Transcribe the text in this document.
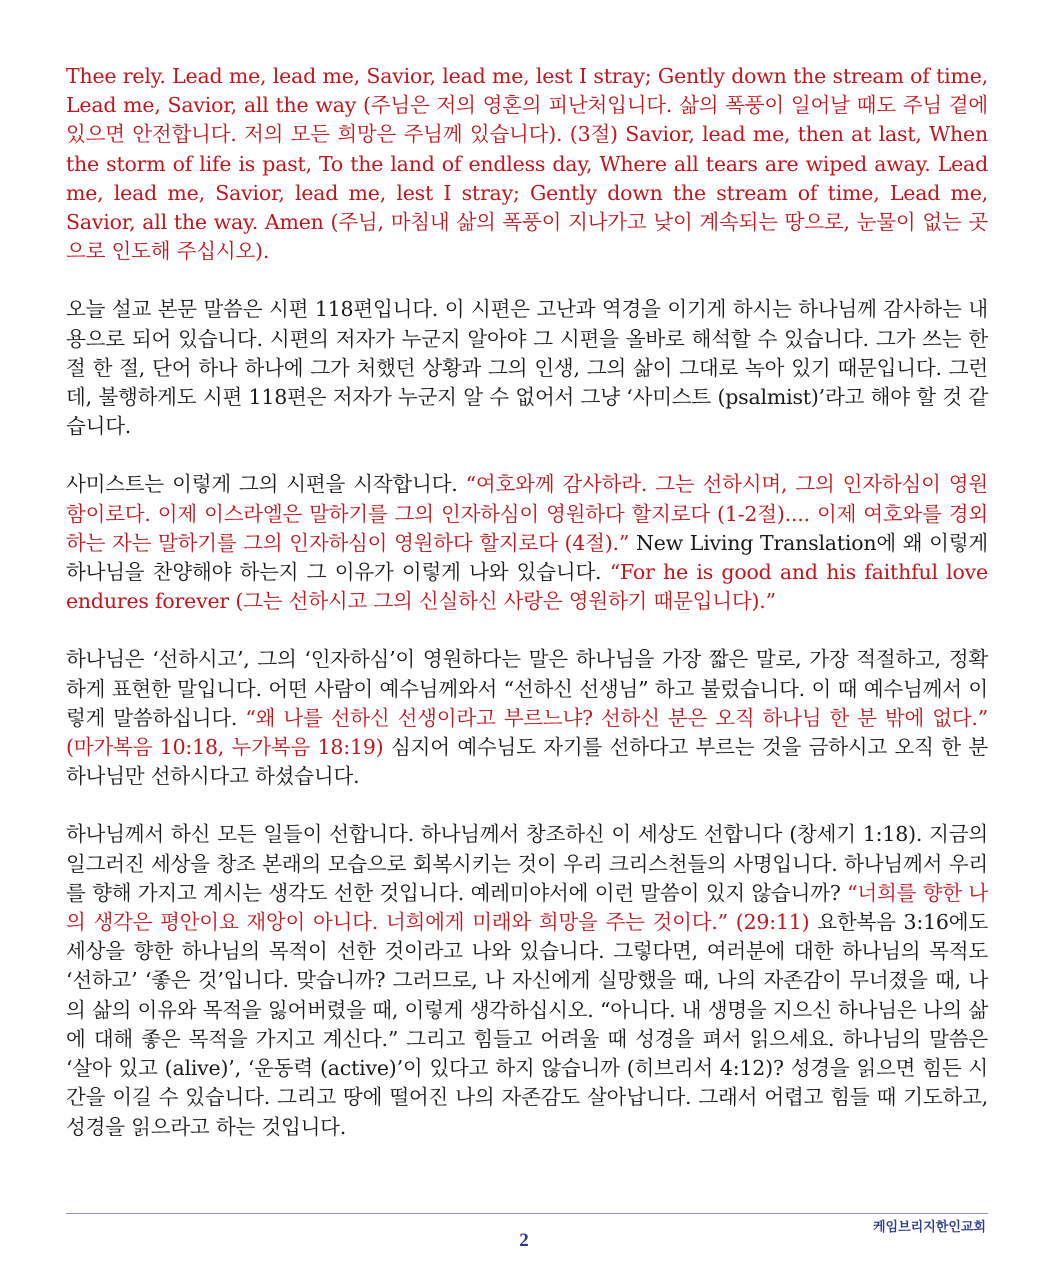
Thee rely. Lead me, lead me, Savior, lead me, lest I stray; Gently down the stream of time, Lead me, Savior, all the way (주님은 저의 영혼의 피난처입니다. 삶의 폭풍이 일어날 때도 주님 곁에 있으면 안전합니다. 저의 모든 희망은 주님께 있습니다). (3절) Savior, lead me, then at last, When the storm of life is past, To the land of endless day, Where all tears are wiped away. Lead me, lead me, Savior, lead me, lest I stray; Gently down the stream of time, Lead me, Savior, all the way. Amen (주님, 마침내 삶의 폭풍이 지나가고 낮이 계속되는 땅으로, 눈물이 없는 곳으로 인도해 주십시오).

오늘 설교 본문 말씀은 시편 118편입니다. 이 시편은 고난과 역경을 이기게 하시는 하나님께 감사하는 내용으로 되어 있습니다. 시편의 저자가 누군지 알아야 그 시편을 올바로 해석할 수 있습니다. 그가 쓰는 한 절 한 절, 단어 하나 하나에 그가 처했던 상황과 그의 인생, 그의 삶이 그대로 녹아 있기 때문입니다. 그런데, 불행하게도 시편 118편은 저자가 누군지 알 수 없어서 그냥 ‘사미스트 (psalmist)’라고 해야 할 것 같습니다.

사미스트는 이렇게 그의 시편을 시작합니다. “여호와께 감사하라. 그는 선하시며, 그의 인자하심이 영원함이로다. 이제 이스라엘은 말하기를 그의 인자하심이 영원하다 할지로다 (1-2절).... 이제 여호와를 경외하는 자는 말하기를 그의 인자하심이 영원하다 할지로다 (4절).” New Living Translation에 왜 이렇게 하나님을 찬양해야 하는지 그 이유가 이렇게 나와 있습니다. “For he is good and his faithful love endures forever (그는 선하시고 그의 신실하신 사랑은 영원하기 때문입니다).”

하나님은 ‘선하시고’, 그의 ‘인자하심’이 영원하다는 말은 하나님을 가장 짧은 말로, 가장 적절하고, 정확하게 표현한 말입니다. 어떤 사람이 예수님께와서 “선하신 선생님” 하고 불렀습니다. 이 때 예수님께서 이렇게 말씀하십니다. “왜 나를 선하신 선생이라고 부르느냐? 선하신 분은 오직 하나님 한 분 밖에 없다.” (마가복음 10:18, 누가복음 18:19) 심지어 예수님도 자기를 선하다고 부르는 것을 금하시고 오직 한 분 하나님만 선하시다고 하셨습니다.

하나님께서 하신 모든 일들이 선합니다. 하나님께서 창조하신 이 세상도 선합니다 (창세기 1:18). 지금의 일그러진 세상을 창조 본래의 모습으로 회복시키는 것이 우리 크리스천들의 사명입니다. 하나님께서 우리를 향해 가지고 계시는 생각도 선한 것입니다. 예레미야서에 이런 말씀이 있지 않습니까? “너희를 향한 나의 생각은 평안이요 재앙이 아니다. 너희에게 미래와 희망을 주는 것이다.” (29:11) 요한복음 3:16에도 세상을 향한 하나님의 목적이 선한 것이라고 나와 있습니다. 그렇다면, 여러분에 대한 하나님의 목적도 ‘선하고’ ‘좋은 것’입니다. 맞습니까? 그러므로, 나 자신에게 실망했을 때, 나의 자존감이 무너졌을 때, 나의 삶의 이유와 목적을 잃어버렸을 때, 이렇게 생각하십시오. “아니다. 내 생명을 지으신 하나님은 나의 삶에 대해 좋은 목적을 가지고 계신다.” 그리고 힘들고 어려울 때 성경을 펴서 읽으세요. 하나님의 말씀은 ‘살아 있고 (alive)’, ‘운동력 (active)’이 있다고 하지 않습니까 (히브리서 4:12)? 성경을 읽으면 힘든 시간을 이길 수 있습니다. 그리고 땅에 떨어진 나의 자존감도 살아납니다. 그래서 어렵고 힘들 때 기도하고, 성경을 읽으라고 하는 것입니다.

케임브리지한인교회
2
